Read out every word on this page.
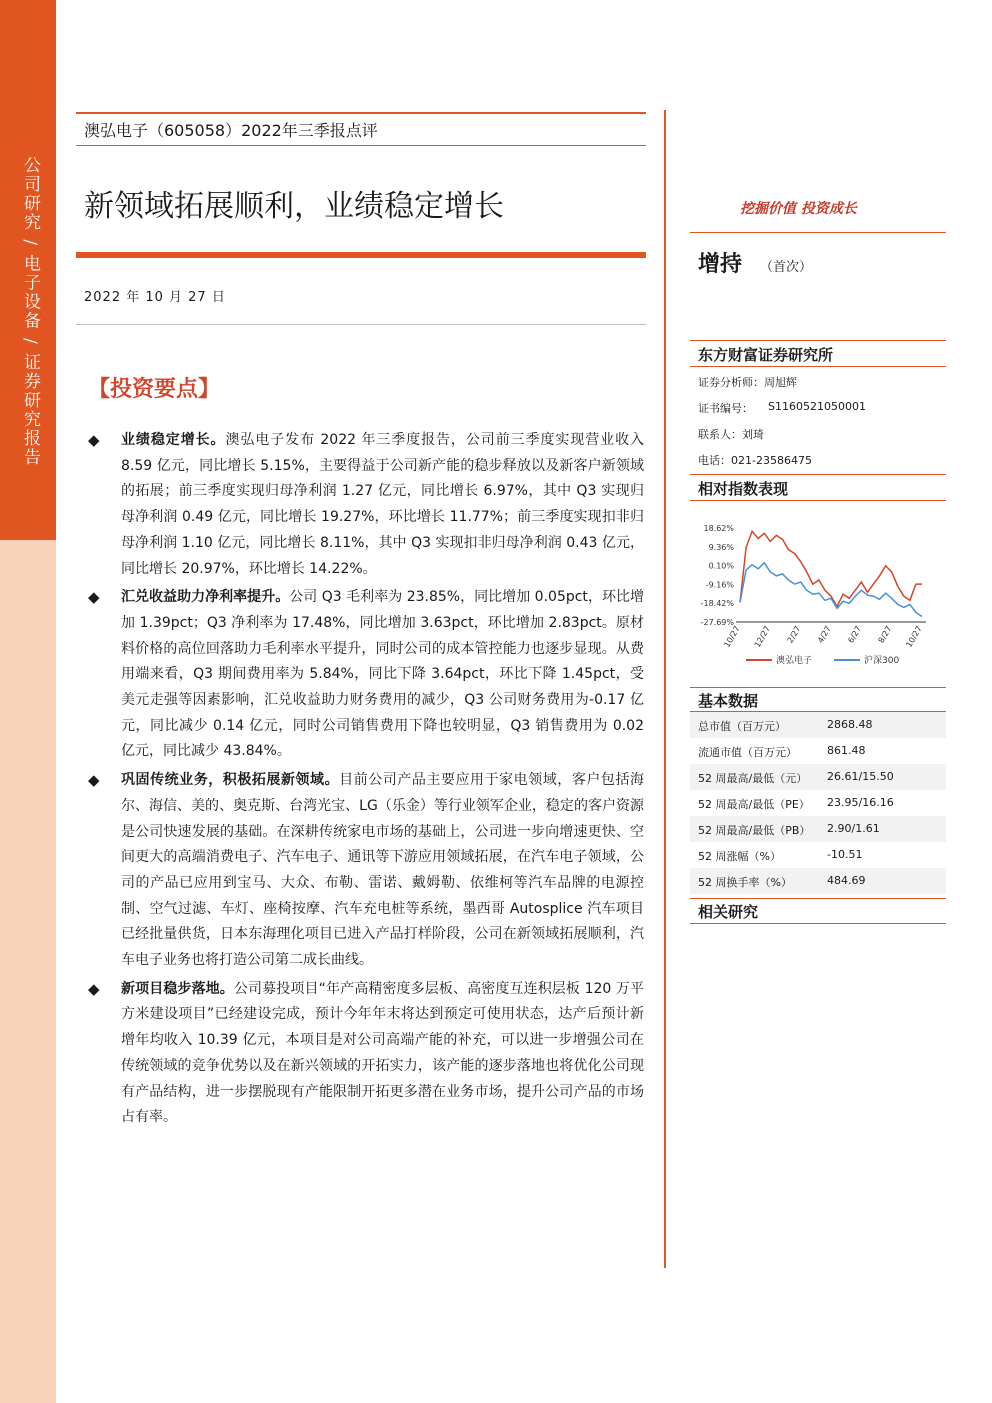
公司研究 / 电子设备 / 证券研究报告
澳弘电子（605058）2022年三季报点评
新领域拓展顺利，业绩稳定增长	挖掘价值 投资成长
2022 年 10 月 27 日
【投资要点】
◆ 业绩稳定增长。澳弘电子发布 2022 年三季度报告，公司前三季度实现营业收入 8.59 亿元，同比增长 5.15%，主要得益于公司新产能的稳步释放以及新客户新领域的拓展；前三季度实现归母净利润 1.27 亿元，同比增长 6.97%，其中 Q3 实现归母净利润 0.49 亿元，同比增长 19.27%，环比增长 11.77%；前三季度实现扣非归母净利润 1.10 亿元，同比增长 8.11%，其中 Q3 实现扣非归母净利润 0.43 亿元，同比增长 20.97%，环比增长 14.22%。
◆ 汇兑收益助力净利率提升。公司 Q3 毛利率为 23.85%，同比增加 0.05pct，环比增加 1.39pct；Q3 净利率为 17.48%，同比增加 3.63pct，环比增加 2.83pct。原材料价格的高位回落助力毛利率水平提升，同时公司的成本管控能力也逐步显现。从费用端来看，Q3 期间费用率为 5.84%，同比下降 3.64pct，环比下降 1.45pct，受美元走强等因素影响，汇兑收益助力财务费用的减少，Q3 公司财务费用为-0.17 亿元，同比减少 0.14 亿元，同时公司销售费用下降也较明显，Q3 销售费用为 0.02 亿元，同比减少 43.84%。
◆ 巩固传统业务，积极拓展新领域。目前公司产品主要应用于家电领域，客户包括海尔、海信、美的、奥克斯、台湾光宝、LG（乐金）等行业领军企业，稳定的客户资源是公司快速发展的基础。在深耕传统家电市场的基础上，公司进一步向增速更快、空间更大的高端消费电子、汽车电子、通讯等下游应用领域拓展，在汽车电子领域，公司的产品已应用到宝马、大众、布勒、雷诺、戴姆勒、依维柯等汽车品牌的电源控制、空气过滤、车灯、座椅按摩、汽车充电桩等系统，墨西哥 Autosplice 汽车项目已经批量供货，日本东海理化项目已进入产品打样阶段，公司在新领域拓展顺利，汽车电子业务也将打造公司第二成长曲线。
◆ 新项目稳步落地。公司募投项目“年产高精密度多层板、高密度互连积层板 120 万平方米建设项目”已经建设完成，预计今年年末将达到预定可使用状态，达产后预计新增年均收入 10.39 亿元，本项目是对公司高端产能的补充，可以进一步增强公司在传统领域的竞争优势以及在新兴领域的开拓实力，该产能的逐步落地也将优化公司现有产品结构，进一步摆脱现有产能限制开拓更多潜在业务市场，提升公司产品的市场占有率。
增持 （首次）
东方财富证券研究所
证券分析师：周旭辉
证书编号： S1160521050001
联系人：刘琦
电话：021-23586475
相对指数表现
18.62%
9.36%
0.10%
-9.16%
-18.42%
-27.69%
10/27 12/27 2/27 4/27 6/27 8/27 10/27
澳弘电子	沪深300
基本数据
总市值（百万元）	2868.48
流通市值（百万元）	861.48
52 周最高/最低（元） 26.61/15.50
52 周最高/最低（PE） 23.95/16.16
52 周最高/最低（PB） 2.90/1.61
52 周涨幅（%）	-10.51
52 周换手率（%）	484.69
相关研究
